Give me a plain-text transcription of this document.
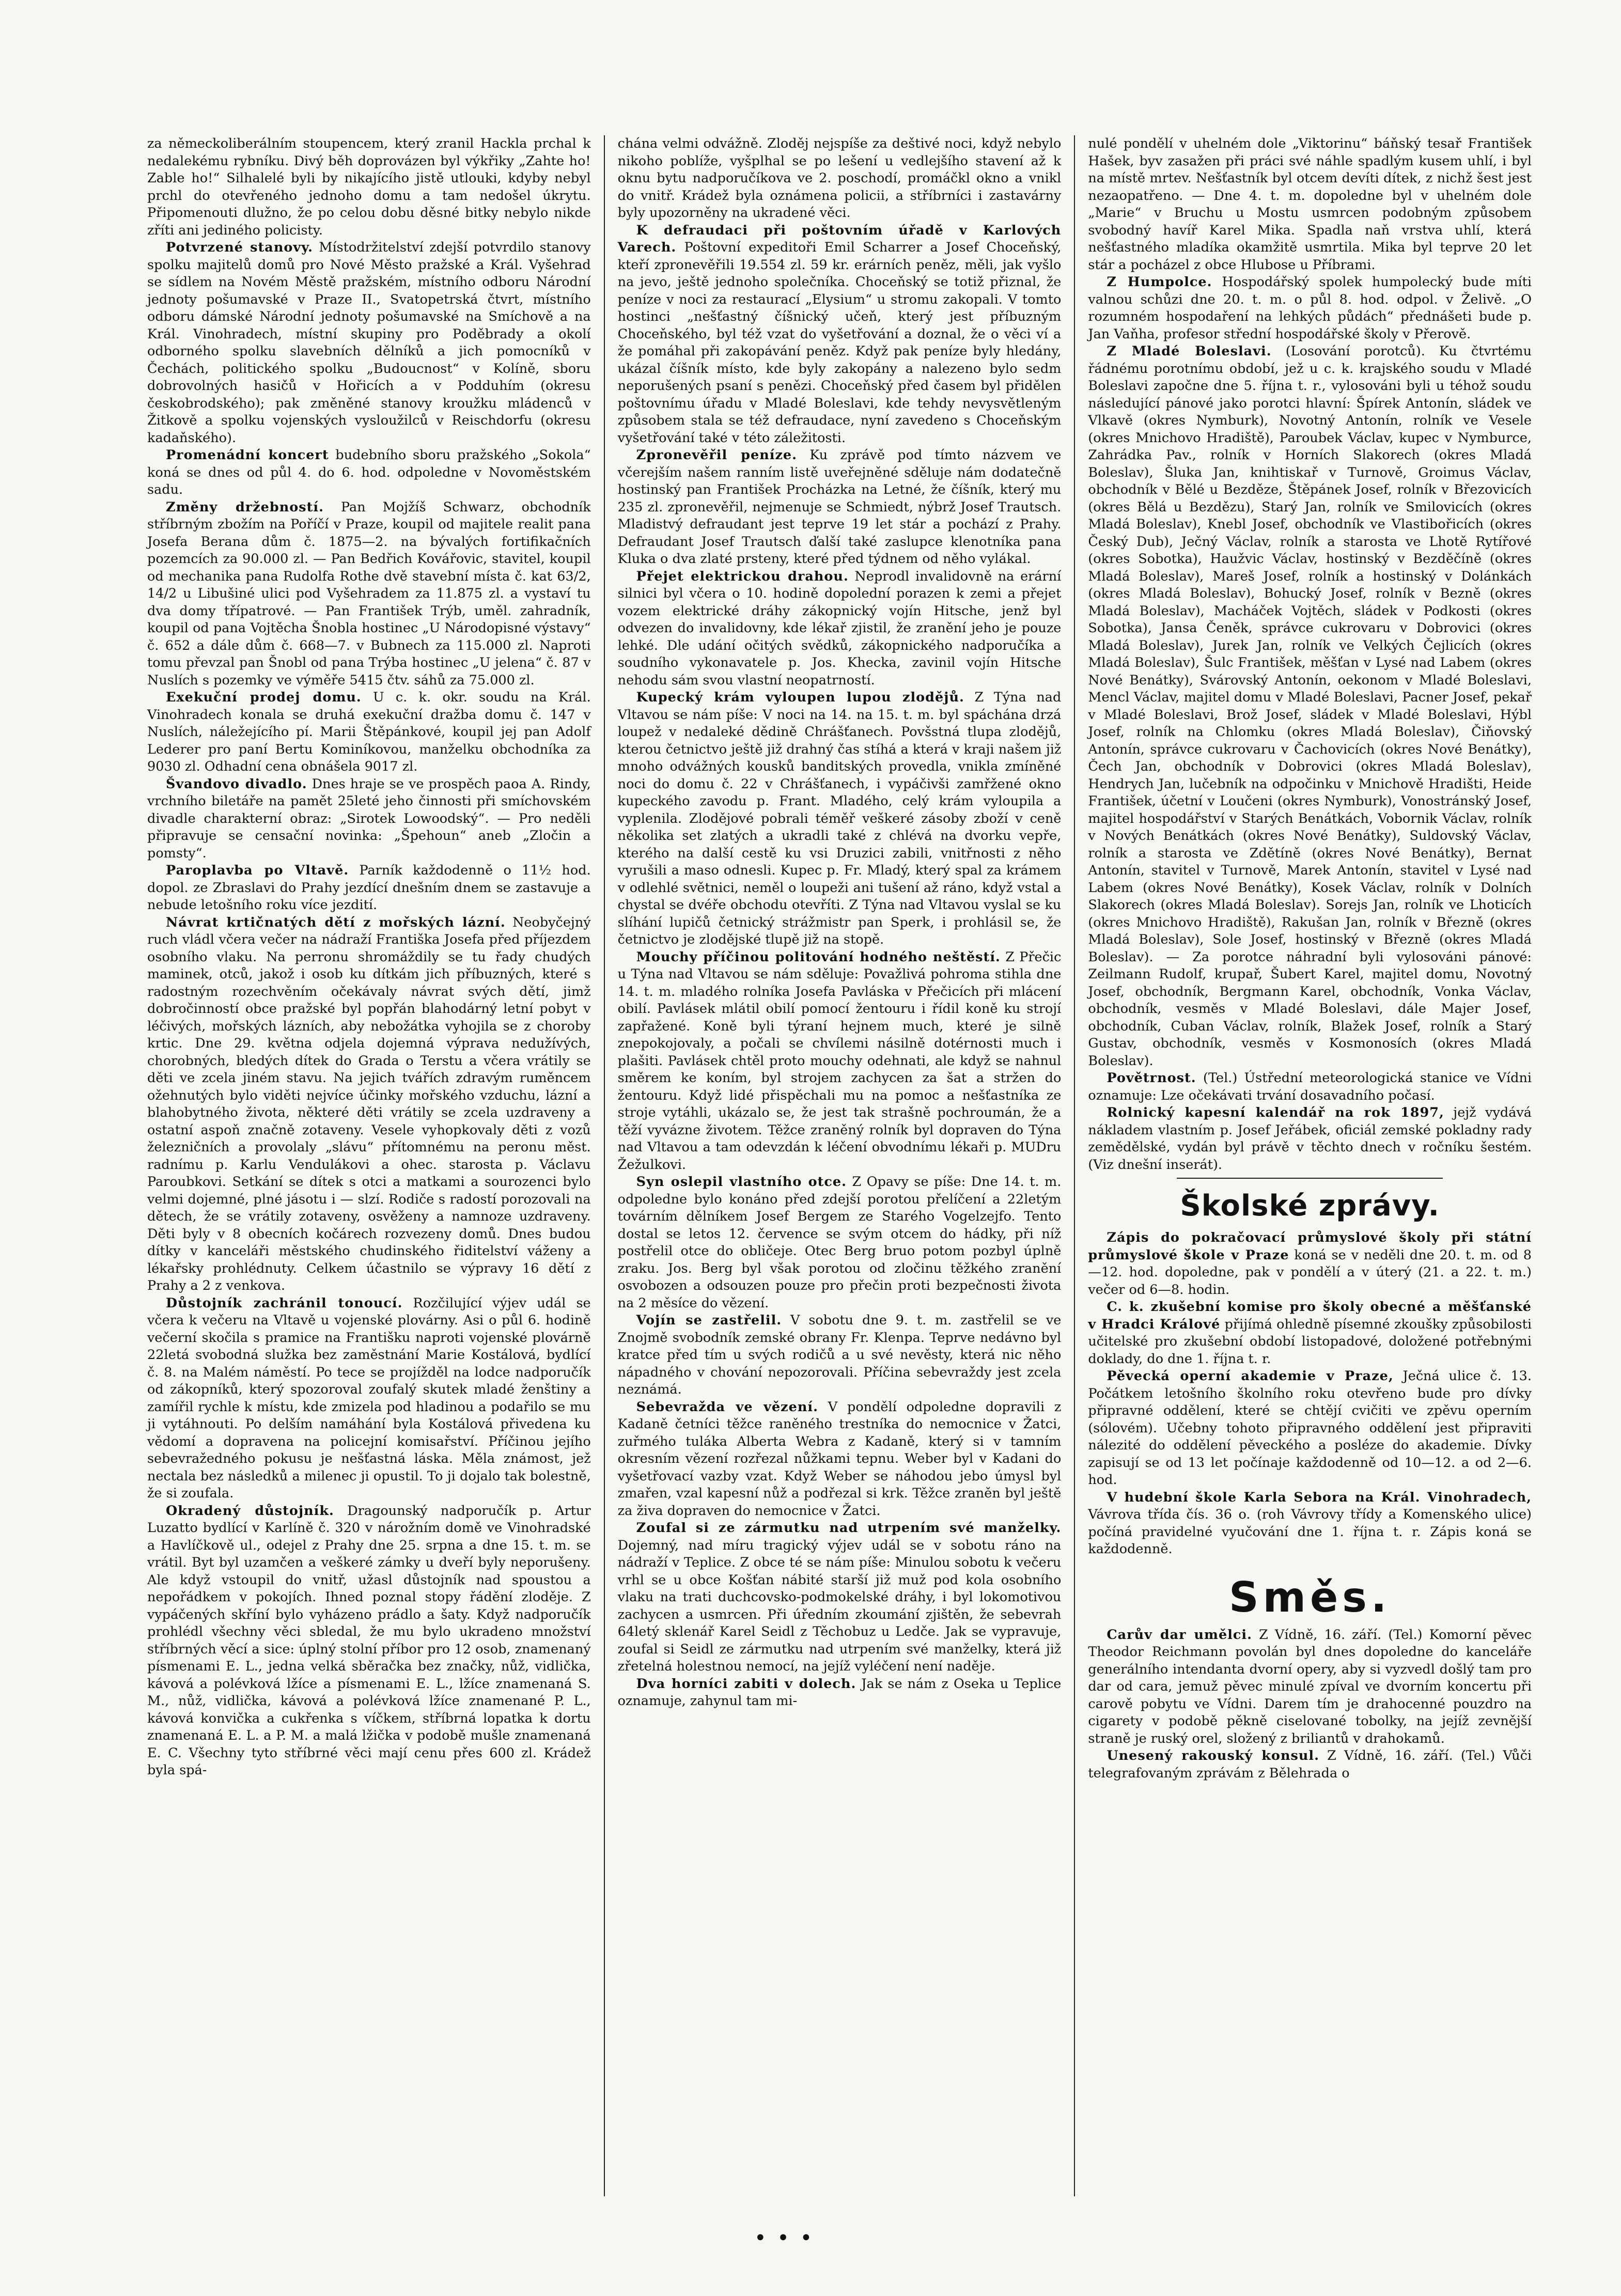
za německoliberálním stoupencem, který zranil Hackla prchal k nedalekému rybníku. Divý běh doprovázen byl výkřiky „Zahte ho! Zable ho!“ Silhalelé byli by nikajícího jistě utlouki, kdyby nebyl prchl do otevřeného jednoho domu a tam nedošel úkrytu. Připomenouti dlužno, že po celou dobu děsné bitky nebylo nikde zříti ani jediného policisty.

Potvrzené stanovy. Místodržitelství zdejší potvrdilo stanovy spolku majitelů domů pro Nové Město pražské a Král. Vyšehrad se sídlem na Novém Městě pražském, místního odboru Národní jednoty pošumavské v Praze II., Svatopetrská čtvrt, místního odboru dámské Národní jednoty pošumavské na Smíchově a na Král. Vinohradech, místní skupiny pro Poděbrady a okolí odborného spolku slavebních dělníků a jich pomocníků v Čechách, politického spolku „Budoucnost“ v Kolíně, sboru dobrovolných hasičů v Hořicích a v Podduhím (okresu českobrodského); pak změněné stanovy kroužku mládenců v Žitkově a spolku vojenských vysloužilců v Reischdorfu (okresu kadaňského).

Promenádní koncert budebního sboru pražského „Sokola“ koná se dnes od půl 4. do 6. hod. odpoledne v Novoměstském sadu.

Změny držebností. Pan Mojžíš Schwarz, obchodník stříbrným zbožím na Poříčí v Praze, koupil od majitele realit pana Josefa Berana dům č. 1875—2. na bývalých fortifikačních pozemcích za 90.000 zl. — Pan Bedřich Kovářovic, stavitel, koupil od mechanika pana Rudolfa Rothe dvě stavební místa č. kat 63/2, 14/2 u Libušiné ulici pod Vyšehradem za 11.875 zl. a vystaví tu dva domy třípatrové. — Pan František Trýb, uměl. zahradník, koupil od pana Vojtěcha Šnobla hostinec „U Národopisné výstavy“ č. 652 a dále dům č. 668—7. v Bubnech za 115.000 zl. Naproti tomu převzal pan Šnobl od pana Trýba hostinec „U jelena“ č. 87 v Nuslích s pozemky ve výměře 5415 čtv. sáhů za 75.000 zl.

Exekuční prodej domu. U c. k. okr. soudu na Král. Vinohradech konala se druhá exekuční dražba domu č. 147 v Nuslích, náležejícího pí. Marii Štěpánkové, koupil jej pan Adolf Lederer pro paní Bertu Kominíkovou, manželku obchodníka za 9030 zl. Odhadní cena obnášela 9017 zl.

Švandovo divadlo. Dnes hraje se ve prospěch paoa A. Rindy, vrchního biletáře na pamět 25leté jeho činnosti při smíchovském divadle charakterní obraz: „Sirotek Lowoodský“. — Pro neděli připravuje se censační novinka: „Špehoun“ aneb „Zločin a pomsty“.

Paroplavba po Vltavě. Parník každodenně o 11½ hod. dopol. ze Zbraslavi do Prahy jezdící dnešním dnem se zastavuje a nebude letošního roku více jezdití.

Návrat krtičnatých dětí z mořských lázní. Neobyčejný ruch vládl včera večer na nádraží Františka Josefa před příjezdem osobního vlaku. Na perronu shromáždily se tu řady chudých maminek, otců, jakož i osob ku dítkám jich příbuzných, které s radostným rozechvěním očekávaly návrat svých dětí, jimž dobročinností obce pražské byl popřán blahodárný letní pobyt v léčivých, mořských lázních, aby nebožátka vyhojila se z choroby krtic. Dne 29. května odjela dojemná výprava nedužívých, chorobných, bledých dítek do Grada o Terstu a včera vrátily se děti ve zcela jiném stavu. Na jejich tvářích zdravým ruměncem ožehnutých bylo viděti nejvíce účinky mořského vzduchu, lázní a blahobytného života, některé děti vrátily se zcela uzdraveny a ostatní aspoň značně zotaveny. Vesele vyhopkovaly děti z vozů železničních a provolaly „slávu“ přítomnému na peronu měst. radnímu p. Karlu Vendulákovi a ohec. starosta p. Václavu Paroubkovi. Setkání se dítek s otci a matkami a sourozenci bylo velmi dojemné, plné jásotu i — slzí. Rodiče s radostí porozovali na dětech, že se vrátily zotaveny, osvěženy a namnoze uzdraveny. Děti byly v 8 obecních kočárech rozvezeny domů. Dnes budou dítky v kanceláři městského chudinského řiditelství váženy a lékařsky prohlédnuty. Celkem účastnilo se výpravy 16 dětí z Prahy a 2 z venkova.

Důstojník zachránil tonoucí. Rozčilující výjev udál se včera k večeru na Vltavě u vojenské plovárny. Asi o půl 6. hodině večerní skočila s pramice na Františku naproti vojenské plovárně 22letá svobodná služka bez zaměstnání Marie Kostálová, bydlící č. 8. na Malém náměstí. Po tece se projížděl na lodce nadporučík od zákopníků, který spozoroval zoufalý skutek mladé ženštiny a zamířil rychle k místu, kde zmizela pod hladinou a podařilo se mu ji vytáhnouti. Po delším namáhání byla Kostálová přivedena ku vědomí a dopravena na policejní komisařství. Příčinou jejího sebevražedného pokusu je nešťastná láska. Měla známost, jež nectala bez následků a milenec ji opustil. To ji dojalo tak bolestně, že si zoufala.

Okradený důstojník. Dragounský nadporučík p. Artur Luzatto bydlící v Karlíně č. 320 v nárožním domě ve Vinohradské a Havlíčkově ul., odejel z Prahy dne 25. srpna a dne 15. t. m. se vrátil. Byt byl uzamčen a veškeré zámky u dveří byly neporušeny. Ale když vstoupil do vnitř, užasl důstojník nad spoustou a nepořádkem v pokojích. Ihned poznal stopy řádění zloděje. Z vypáčených skříní bylo vyházeno prádlo a šaty. Když nadporučík prohlédl všechny věci sbledal, že mu bylo ukradeno množství stříbrných věcí a sice: úplný stolní příbor pro 12 osob, znamenaný písmenami E. L., jedna velká sběračka bez značky, nůž, vidlička, kávová a polévková lžíce a písmenami E. L., lžíce znamenaná S. M., nůž, vidlička, kávová a polévková lžíce znamenané P. L., kávová konvička a cukřenka s víčkem, stříbrná lopatka k dortu znamenaná E. L. a P. M. a malá lžička v podobě mušle znamenaná E. C. Všechny tyto stříbrné věci mají cenu přes 600 zl. Krádež byla spá-

chána velmi odvážně. Zloděj nejspíše za deštivé noci, když nebylo nikoho poblíže, vyšplhal se po lešení u vedlejšího stavení až k oknu bytu nadporučíkova ve 2. poschodí, promáčkl okno a vnikl do vnitř. Krádež byla oznámena policii, a stříbrníci i zastavárny byly upozorněny na ukradené věci.

K defraudaci při poštovním úřadě v Karlových Varech. Poštovní expeditoři Emil Scharrer a Josef Choceňský, kteří zpronevěřili 19.554 zl. 59 kr. erárních peněz, měli, jak vyšlo na jevo, ještě jednoho společníka. Choceňský se totiž přiznal, že peníze v noci za restaurací „Elysium“ u stromu zakopali. V tomto hostinci „nešťastný číšnický učeň, který jest příbuzným Choceňského, byl též vzat do vyšetřování a doznal, že o věci ví a že pomáhal při zakopávání peněz. Když pak peníze byly hledány, ukázal číšník místo, kde byly zakopány a nalezeno bylo sedm neporušených psaní s penězi. Choceňský před časem byl přidělen poštovnímu úřadu v Mladé Boleslavi, kde tehdy nevysvětleným způsobem stala se též defraudace, nyní zavedeno s Choceňským vyšetřování také v této záležitosti.

Zpronevěřil peníze. Ku zprávě pod tímto názvem ve včerejším našem ranním listě uveřejněné sděluje nám dodatečně hostinský pan František Procházka na Letné, že číšník, který mu 235 zl. zpronevěřil, nejmenuje se Schmiedt, nýbrž Josef Trautsch. Mladistvý defraudant jest teprve 19 let stár a pochází z Prahy. Defraudant Josef Trautsch ďalší také zaslupce klenotníka pana Kluka o dva zlaté prsteny, které před týdnem od něho vylákal.

Přejet elektrickou drahou. Neprodl invalidovně na erární silnici byl včera o 10. hodině dopolední porazen k zemi a přejet vozem elektrické dráhy zákopnický vojín Hitsche, jenž byl odvezen do invalidovny, kde lékař zjistil, že zranění jeho je pouze lehké. Dle udání očitých svědků, zákopnického nadporučíka a soudního vykonavatele p. Jos. Khecka, zavinil vojín Hitsche nehodu sám svou vlastní neopatrností.

Kupecký krám vyloupen lupou zlodějů. Z Týna nad Vltavou se nám píše: V noci na 14. na 15. t. m. byl spáchána drzá loupež v nedaleké dědině Chrášťanech. Povšstná tlupa zlodějů, kterou četnictvo ještě již drahný čas stíhá a která v kraji našem již mnoho odvážných kousků banditských provedla, vnikla zmíněné noci do domu č. 22 v Chrášťanech, i vypáčivši zamřžené okno kupeckého zavodu p. Frant. Mladého, celý krám vyloupila a vyplenila. Zlodějové pobrali téměř veškeré zásoby zboží v ceně několika set zlatých a ukradli také z chlévá na dvorku vepře, kterého na další cestě ku vsi Druzici zabili, vnitřnosti z něho vyrušili a maso odnesli. Kupec p. Fr. Mladý, který spal za krámem v odlehlé světnici, neměl o loupeži ani tušení až ráno, když vstal a chystal se dvéře obchodu otevříti. Z Týna nad Vltavou vyslal se ku slíhání lupičů četnický strážmistr pan Sperk, i prohlásil se, že četnictvo je zlodějské tlupě již na stopě.

Mouchy příčinou politování hodného neštěstí. Z Přečic u Týna nad Vltavou se nám sděluje: Považlivá pohroma stihla dne 14. t. m. mladého rolníka Josefa Pavláska v Přečicích při mlácení obilí. Pavlásek mlátil obilí pomocí žentouru i řídil koně ku strojí zapřažené. Koně byli týraní hejnem much, které je silně znepokojovaly, a počali se chvílemi násilně dotérnosti much i plašiti. Pavlásek chtěl proto mouchy odehnati, ale když se nahnul směrem ke koním, byl strojem zachycen za šat a stržen do žentouru. Když lidé přispěchali mu na pomoc a nešťastníka ze stroje vytáhli, ukázalo se, že jest tak strašně pochroumán, že a těží vyváznе životem. Těžce zraněný rolník byl dopraven do Týna nad Vltavou a tam odevzdán k léčení obvodnímu lékaři p. MUDru Žežulkovi.

Syn oslepil vlastního otce. Z Opavy se píše: Dne 14. t. m. odpoledne bylo konáno před zdejší porotou přelíčení a 22letým továrním dělníkem Josef Bergem ze Starého Vogelzejfo. Tento dostal se letos 12. července se svým otcem do hádky, při níž postřelil otce do obličeje. Otec Berg bruo potom pozbyl úplně zraku. Jos. Berg byl však porotou od zločinu těžkého zranění osvobozen a odsouzen pouze pro přečin proti bezpečnosti života na 2 měsíce do vězení.

Vojín se zastřelil. V sobotu dne 9. t. m. zastřelil se ve Znojmě svobodník zemské obrany Fr. Klenpa. Teprve nedávno byl kratce před tím u svých rodičů a u své nevěsty, která nic něho nápadného v chování nepozorovali. Příčina sebevraždy jest zcela neznámá.

Sebevražda ve vězení. V pondělí odpoledne dopravili z Kadaně četníci těžce raněného trestníka do nemocnice v Žatci, zuřmého tuláka Alberta Webra z Kadaně, který si v tamním okresním vězení rozřezal nůžkami tepnu. Weber byl v Kadani do vyšetřovací vazby vzat. Když Weber se náhodou jebo úmysl byl zmařen, vzal kapesní nůž a podřezal si krk. Těžce zraněn byl ještě za živa dopraven do nemocnice v Žatci.

Zoufal si ze zármutku nad utrpením své manželky. Dojemný, nad míru tragický výjev udál se v sobotu ráno na nádraží v Teplice. Z obce té se nám píše: Minulou sobotu k večeru vrhl se u obce Košťan nábité starší již muž pod kola osobního vlaku na trati duchcovsko-podmokelské dráhy, i byl lokomotivou zachycen a usmrcen. Při úředním zkoumání zjištěn, že sebevrah 64letý sklenář Karel Seidl z Těchobuz u Ledče. Jak se vypravuje, zoufal si Seidl ze zármutku nad utrpením své manželky, která již zřetelná holestnou nemocí, na jejíž vyléčení není naděje.

Dva horníci zabiti v dolech. Jak se nám z Oseka u Teplice oznamuje, zahynul tam mi-

nulé pondělí v uhelném dole „Viktorinu“ báňský tesař František Hašek, byv zasažen při práci své náhle spadlým kusem uhlí, i byl na místě mrtev. Nešťastník byl otcem devíti dítek, z nichž šest jest nezaopatřeno. — Dne 4. t. m. dopoledne byl v uhelném dole „Marie“ v Bruchu u Mostu usmrcen podobným způsobem svobodný havíř Karel Mika. Spadla naň vrstva uhlí, která nešťastného mladíka okamžitě usmrtila. Mika byl teprve 20 let stár a pocházel z obce Hlubose u Příbrami.

Z Humpolce. Hospodářský spolek humpolecký bude míti valnou schůzi dne 20. t. m. o půl 8. hod. odpol. v Želivě. „O rozumném hospodaření na lehkých půdách“ přednášeti bude p. Jan Vaňha, profesor střední hospodářské školy v Přerově.

Z Mladé Boleslavi. (Losování porotců). Ku čtvrtému řádnému porotnímu období, jež u c. k. krajského soudu v Mladé Boleslavi započne dne 5. října t. r., vylosováni byli u téhož soudu následující pánové jako porotci hlavní: Špírek Antonín, sládek ve Vlkavě (okres Nymburk), Novotný Antonín, rolník ve Vesele (okres Mnichovo Hradiště), Paroubek Václav, kupec v Nymburce, Zahrádka Pav., rolník v Horních Slakorech (okres Mladá Boleslav), Šluka Jan, knihtiskař v Turnově, Groimus Václav, obchodník v Bělé u Bezděze, Štěpánek Josef, rolník v Březovicích (okres Bělá u Bezdězu), Starý Jan, rolník ve Smilovicích (okres Mladá Boleslav), Knebl Josef, obchodník ve Vlastibořicích (okres Český Dub), Ječný Václav, rolník a starosta ve Lhotě Rytířové (okres Sobotka), Haužvic Václav, hostinský v Bezděčíně (okres Mladá Boleslav), Mareš Josef, rolník a hostinský v Dolánkách (okres Mladá Boleslav), Bohucký Josef, rolník v Bezně (okres Mladá Boleslav), Macháček Vojtěch, sládek v Podkosti (okres Sobotka), Jansa Čeněk, správce cukrovaru v Dobrovici (okres Mladá Boleslav), Jurek Jan, rolník ve Velkých Čejlicích (okres Mladá Boleslav), Šulc František, měšťan v Lysé nad Labem (okres Nové Benátky), Svárovský Antonín, oekonom v Mladé Boleslavi, Mencl Václav, majitel domu v Mladé Boleslavi, Pacner Josef, pekař v Mladé Boleslavi, Brož Josef, sládek v Mladé Boleslavi, Hýbl Josef, rolník na Chlomku (okres Mladá Boleslav), Čiňovský Antonín, správce cukrovaru v Čachovicích (okres Nové Benátky), Čech Jan, obchodník v Dobrovici (okres Mladá Boleslav), Hendrych Jan, lučebník na odpočinku v Mnichově Hradišti, Heide František, účetní v Loučeni (okres Nymburk), Vonostránský Josef, majitel hospodářství v Starých Benátkách, Vobornik Václav, rolník v Nových Benátkách (okres Nové Benátky), Suldovský Václav, rolník a starosta ve Zdětíně (okres Nové Benátky), Bernat Antonín, stavitel v Turnově, Marek Antonín, stavitel v Lysé nad Labem (okres Nové Benátky), Kosek Václav, rolník v Dolních Slakorech (okres Mladá Boleslav). Sorejs Jan, rolník ve Lhoticích (okres Mnichovo Hradiště), Rakušan Jan, rolník v Březně (okres Mladá Boleslav), Sole Josef, hostinský v Březně (okres Mladá Boleslav). — Za porotce náhradní byli vylosováni pánové: Zeilmann Rudolf, krupař, Šubert Karel, majitel domu, Novotný Josef, obchodník, Bergmann Karel, obchodník, Vonka Václav, obchodník, vesměs v Mladé Boleslavi, dále Majer Josef, obchodník, Cuban Václav, rolník, Blažek Josef, rolník a Starý Gustav, obchodník, vesměs v Kosmonosích (okres Mladá Boleslav).

Povětrnost. (Tel.) Ústřední meteorologická stanice ve Vídni oznamuje: Lze očekávati trvání dosavadního počasí.

Rolnický kapesní kalendář na rok 1897, jejž vydává nákladem vlastním p. Josef Jeřábek, oficiál zemské pokladny rady zemědělské, vydán byl právě v těchto dnech v ročníku šestém. (Viz dnešní inserát).

Školské zprávy.

Zápis do pokračovací průmyslové školy při státní průmyslové škole v Praze koná se v neděli dne 20. t. m. od 8—12. hod. dopoledne, pak v pondělí a v úterý (21. a 22. t. m.) večer od 6—8. hodin.

C. k. zkušební komise pro školy obecné a měšťanské v Hradci Králové přijímá ohledně písemné zkoušky způsobilosti učitelské pro zkušební období listopadové, doložené potřebnými doklady, do dne 1. října t. r.

Pěvecká operní akademie v Praze, Ječná ulice č. 13. Počátkem letošního školního roku otevřeno bude pro dívky připravné oddělení, které se chtějí cvičiti ve zpěvu operním (sólovém). Učebny tohoto připravného oddělení jest připraviti nálezité do oddělení pěveckého a posléze do akademie. Dívky zapisují se od 13 let počínaje každodenně od 10—12. a od 2—6. hod.

V hudební škole Karla Sebora na Král. Vinohradech, Vávrova třída čís. 36 o. (roh Vávrovy třídy a Komenského ulice) počíná pravidelné vyučování dne 1. října t. r. Zápis koná se každodenně.

Směs.

Carův dar umělci. Z Vídně, 16. září. (Tel.) Komorní pěvec Theodor Reichmann povolán byl dnes dopoledne do kanceláře generálního intendanta dvorní opery, aby si vyzvedl došlý tam pro dar od cara, jemuž pěvec minulé zpíval ve dvorním koncertu při carově pobytu ve Vídni. Darem tím je drahocenné pouzdro na cigarety v podobě pěkně ciselované tobolky, na jejíž zevnější straně je ruský orel, složený z briliantů v drahokamů.

Unesený rakouský konsul. Z Vídně, 16. září. (Tel.) Vůči telegrafovaným zprávám z Bělehrada o

• • •
